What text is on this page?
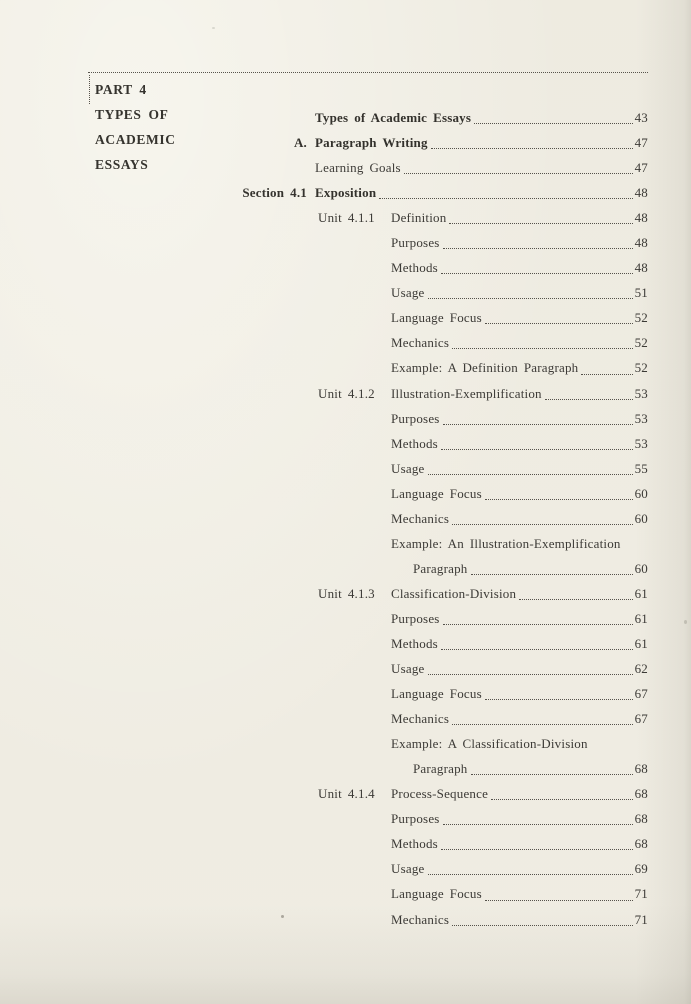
PART 4
TYPES OF
ACADEMIC
ESSAYS
Types of Academic Essays	43
A. Paragraph Writing	47
Learning Goals	47
Section 4.1 Exposition	48
Unit 4.1.1	Definition	48
Purposes	48
Methods	48
Usage	51
Language Focus	52
Mechanics	52
Example: A Definition Paragraph	52
Unit 4.1.2	Illustration-Exemplification	53
Purposes	53
Methods	53
Usage	55
Language Focus	60
Mechanics	60
Example: An Illustration-Exemplification
Paragraph	60
Unit 4.1.3	Classification-Division	61
Purposes	61
Methods	61
Usage	62
Language Focus	67
Mechanics	67
Example: A Classification-Division
Paragraph	68
Unit 4.1.4	Process-Sequence	68
Purposes	68
Methods	68
Usage	69
Language Focus	71
Mechanics	71
